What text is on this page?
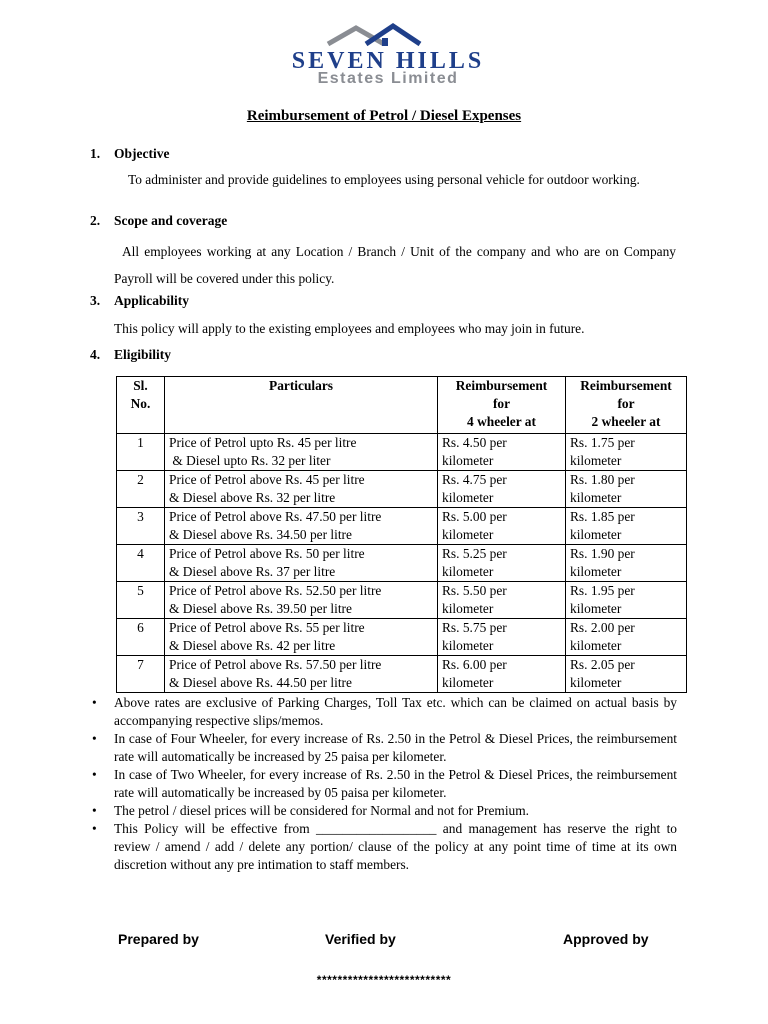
SEVEN HILLS
Estates Limited
Reimbursement of Petrol / Diesel Expenses
1. Objective
To administer and provide guidelines to employees using personal vehicle for outdoor working.
2. Scope and coverage
All employees working at any Location / Branch / Unit of the company and who are on Company Payroll will be covered under this policy.
3. Applicability
This policy will apply to the existing employees and employees who may join in future.
4. Eligibility
Sl.
No.	Particulars	Reimbursement
for
4 wheeler at	Reimbursement
for
2 wheeler at

1	Price of Petrol upto Rs. 45 per litre
& Diesel upto Rs. 32 per liter	Rs. 4.50 per
kilometer	Rs. 1.75 per
kilometer

2	Price of Petrol above Rs. 45 per litre
& Diesel above Rs. 32 per litre	Rs. 4.75 per
kilometer	Rs. 1.80 per
kilometer

3	Price of Petrol above Rs. 47.50 per litre
& Diesel above Rs. 34.50 per litre	Rs. 5.00 per
kilometer	Rs. 1.85 per
kilometer

4	Price of Petrol above Rs. 50 per litre
& Diesel above Rs. 37 per litre	Rs. 5.25 per
kilometer	Rs. 1.90 per
kilometer

5	Price of Petrol above Rs. 52.50 per litre
& Diesel above Rs. 39.50 per litre	Rs. 5.50 per
kilometer	Rs. 1.95 per
kilometer

6	Price of Petrol above Rs. 55 per litre
& Diesel above Rs. 42 per litre	Rs. 5.75 per
kilometer	Rs. 2.00 per
kilometer

7	Price of Petrol above Rs. 57.50 per litre
& Diesel above Rs. 44.50 per litre	Rs. 6.00 per
kilometer	Rs. 2.05 per
kilometer
• Above rates are exclusive of Parking Charges, Toll Tax etc. which can be claimed on actual basis by accompanying respective slips/memos.
• In case of Four Wheeler, for every increase of Rs. 2.50 in the Petrol & Diesel Prices, the reimbursement rate will automatically be increased by 25 paisa per kilometer.
• In case of Two Wheeler, for every increase of Rs. 2.50 in the Petrol & Diesel Prices, the reimbursement rate will automatically be increased by 05 paisa per kilometer.
• The petrol / diesel prices will be considered for Normal and not for Premium.
• This Policy will be effective from __________________ and management has reserve the right to review / amend / add / delete any portion/ clause of the policy at any point time of time at its own discretion without any pre intimation to staff members.
Prepared by	Verified by	Approved by
**************************
